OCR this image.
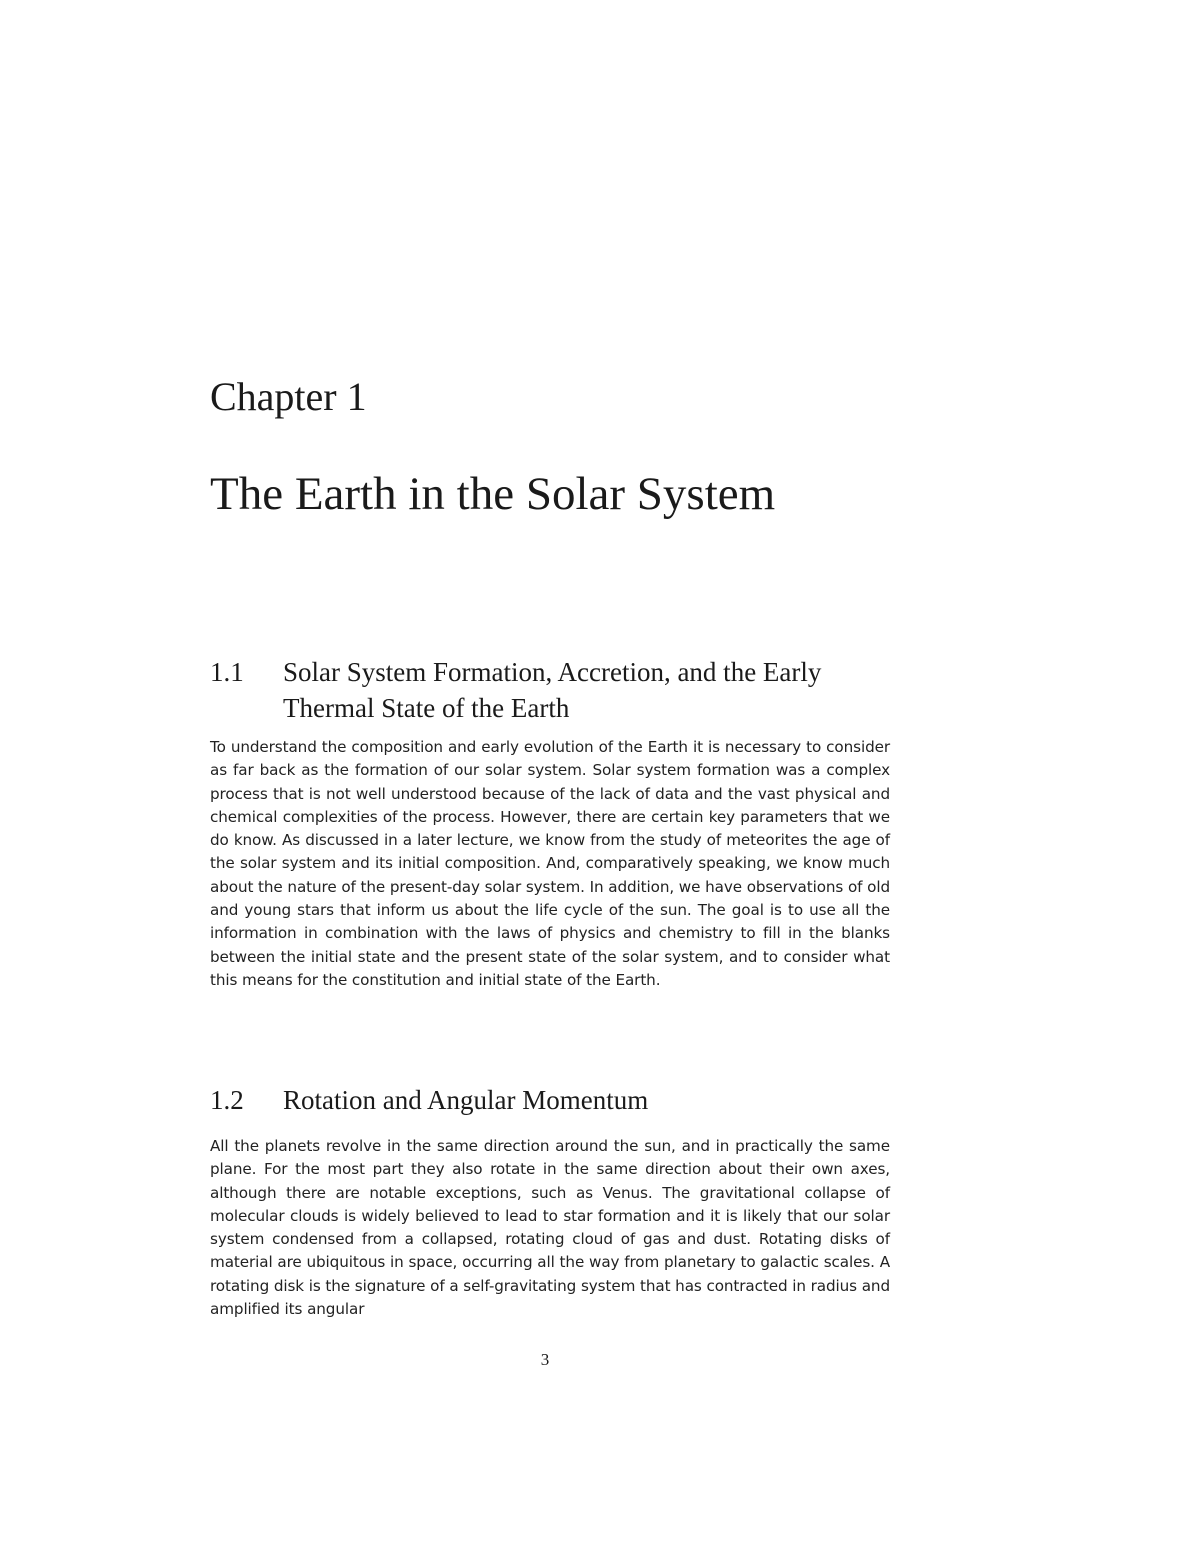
Chapter 1
The Earth in the Solar System
1.1	Solar System Formation, Accretion, and the Early Thermal State of the Earth

To understand the composition and early evolution of the Earth it is necessary to consider as far back as the formation of our solar system. Solar system formation was a complex process that is not well understood because of the lack of data and the vast physical and chemical complexities of the process. However, there are certain key parameters that we do know. As discussed in a later lecture, we know from the study of meteorites the age of the solar system and its initial composition. And, comparatively speaking, we know much about the nature of the present-day solar system. In addition, we have observations of old and young stars that inform us about the life cycle of the sun. The goal is to use all the information in combination with the laws of physics and chemistry to fill in the blanks between the initial state and the present state of the solar system, and to consider what this means for the constitution and initial state of the Earth.

1.2	Rotation and Angular Momentum

All the planets revolve in the same direction around the sun, and in practically the same plane. For the most part they also rotate in the same direction about their own axes, although there are notable exceptions, such as Venus. The gravitational collapse of molecular clouds is widely believed to lead to star formation and it is likely that our solar system condensed from a collapsed, rotating cloud of gas and dust. Rotating disks of material are ubiquitous in space, occurring all the way from planetary to galactic scales. A rotating disk is the signature of a self-gravitating system that has contracted in radius and amplified its angular

3
